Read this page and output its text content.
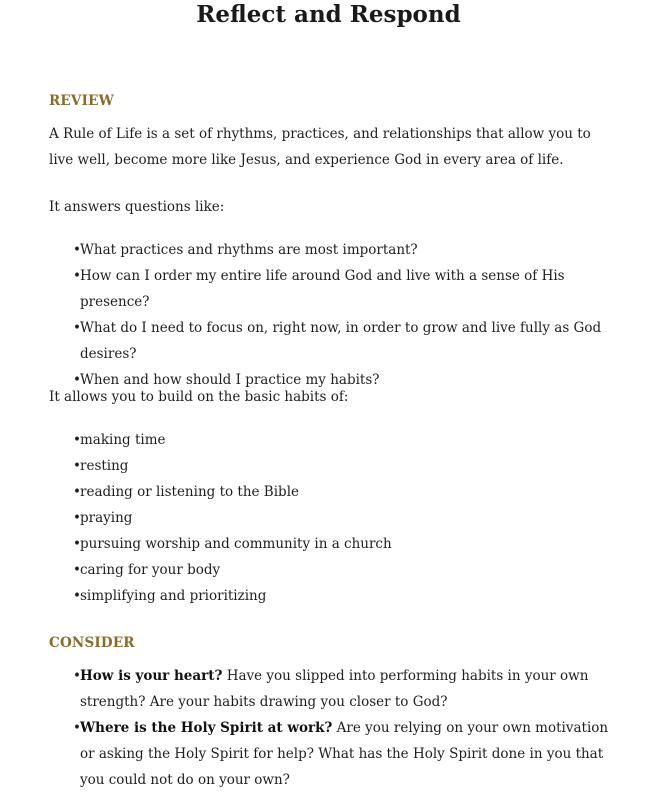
Reflect and Respond
REVIEW

A Rule of Life is a set of rhythms, practices, and relationships that allow you to live well, become more like Jesus, and experience God in every area of life.

It answers questions like:

• What practices and rhythms are most important?
• How can I order my entire life around God and live with a sense of His presence?
• What do I need to focus on, right now, in order to grow and live fully as God desires?
• When and how should I practice my habits?

It allows you to build on the basic habits of:

• making time
• resting
• reading or listening to the Bible
• praying
• pursuing worship and community in a church
• caring for your body
• simplifying and prioritizing
CONSIDER
• How is your heart? Have you slipped into performing habits in your own strength? Are your habits drawing you closer to God?
• Where is the Holy Spirit at work? Are you relying on your own motivation or asking the Holy Spirit for help? What has the Holy Spirit done in you that you could not do on your own?
